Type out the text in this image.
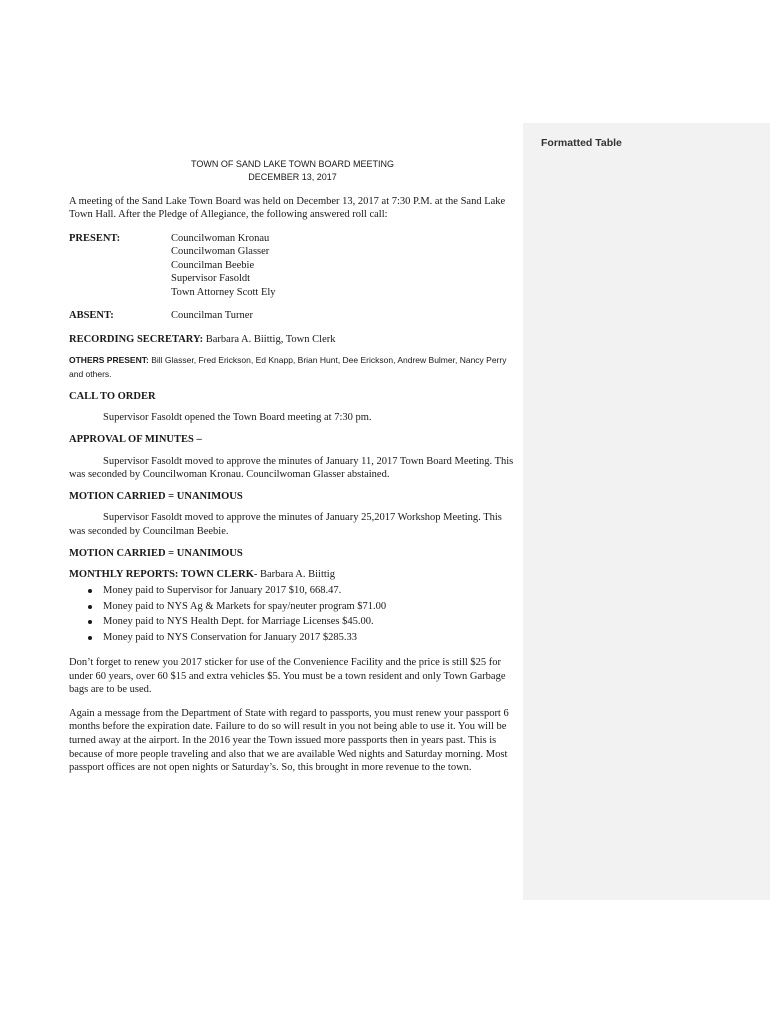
Formatted Table

TOWN OF SAND LAKE TOWN BOARD MEETING

DECEMBER 13, 2017

A meeting of the Sand Lake Town Board was held on December 13, 2017 at 7:30 P.M. at the Sand Lake Town Hall. After the Pledge of Allegiance, the following answered roll call:

PRESENT:	Councilwoman Kronau
Councilwoman Glasser
Councilman Beebie
Supervisor Fasoldt
Town Attorney Scott Ely
ABSENT:	Councilman Turner

RECORDING SECRETARY: Barbara A. Biittig, Town Clerk

OTHERS PRESENT: Bill Glasser, Fred Erickson, Ed Knapp, Brian Hunt, Dee Erickson, Andrew Bulmer, Nancy Perry and others.

CALL TO ORDER

Supervisor Fasoldt opened the Town Board meeting at 7:30 pm.

APPROVAL OF MINUTES –

Supervisor Fasoldt moved to approve the minutes of January 11, 2017 Town Board Meeting. This was seconded by Councilwoman Kronau. Councilwoman Glasser abstained.

MOTION CARRIED = UNANIMOUS

Supervisor Fasoldt moved to approve the minutes of January 25,2017 Workshop Meeting. This was seconded by Councilman Beebie.

MOTION CARRIED = UNANIMOUS

MONTHLY REPORTS: TOWN CLERK- Barbara A. Biittig

Money paid to Supervisor for January 2017 $10, 668.47.
Money paid to NYS Ag & Markets for spay/neuter program $71.00
Money paid to NYS Health Dept. for Marriage Licenses $45.00.
Money paid to NYS Conservation for January 2017 $285.33

Don’t forget to renew you 2017 sticker for use of the Convenience Facility and the price is still $25 for under 60 years, over 60 $15 and extra vehicles $5. You must be a town resident and only Town Garbage bags are to be used.

Again a message from the Department of State with regard to passports, you must renew your passport 6 months before the expiration date. Failure to do so will result in you not being able to use it. You will be turned away at the airport. In the 2016 year the Town issued more passports then in years past. This is because of more people traveling and also that we are available Wed nights and Saturday morning. Most passport offices are not open nights or Saturday’s. So, this brought in more revenue to the town.
